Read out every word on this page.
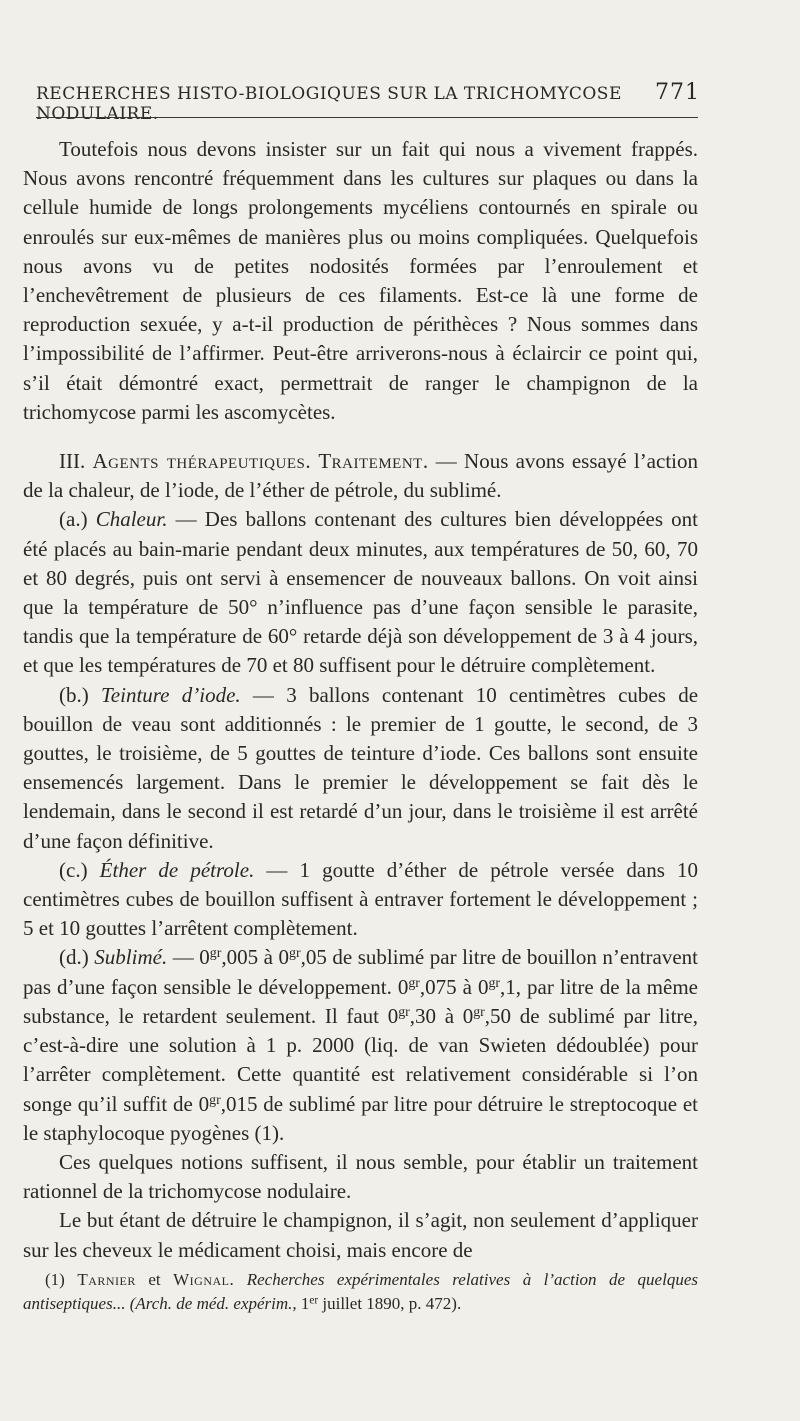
RECHERCHES HISTO-BIOLOGIQUES SUR LA TRICHOMYCOSE NODULAIRE.
771

Toutefois nous devons insister sur un fait qui nous a vivement frappés. Nous avons rencontré fréquemment dans les cultures sur plaques ou dans la cellule humide de longs prolongements mycéliens contournés en spirale ou enroulés sur eux-mêmes de manières plus ou moins compliquées. Quelquefois nous avons vu de petites nodosités formées par l’enroulement et l’enchevêtrement de plusieurs de ces filaments. Est-ce là une forme de reproduction sexuée, y a-t-il production de périthèces ? Nous sommes dans l’impossibilité de l’affirmer. Peut-être arriverons-nous à éclaircir ce point qui, s’il était démontré exact, permettrait de ranger le champignon de la trichomycose parmi les ascomycètes.

III. Agents thérapeutiques. Traitement. — Nous avons essayé l’action de la chaleur, de l’iode, de l’éther de pétrole, du sublimé.

(a.) Chaleur. — Des ballons contenant des cultures bien développées ont été placés au bain-marie pendant deux minutes, aux températures de 50, 60, 70 et 80 degrés, puis ont servi à ensemencer de nouveaux ballons. On voit ainsi que la température de 50° n’influence pas d’une façon sensible le parasite, tandis que la température de 60° retarde déjà son développement de 3 à 4 jours, et que les températures de 70 et 80 suffisent pour le détruire complètement.

(b.) Teinture d’iode. — 3 ballons contenant 10 centimètres cubes de bouillon de veau sont additionnés : le premier de 1 goutte, le second, de 3 gouttes, le troisième, de 5 gouttes de teinture d’iode. Ces ballons sont ensuite ensemencés largement. Dans le premier le développement se fait dès le lendemain, dans le second il est retardé d’un jour, dans le troisième il est arrêté d’une façon définitive.

(c.) Éther de pétrole. — 1 goutte d’éther de pétrole versée dans 10 centimètres cubes de bouillon suffisent à entraver fortement le développement ; 5 et 10 gouttes l’arrêtent complètement.

(d.) Sublimé. — $0^{gr},005$ à $0^{gr},05$ de sublimé par litre de bouillon n’entravent pas d’une façon sensible le développement. $0^{gr},075$ à $0^{gr},1$, par litre de la même substance, le retardent seulement. Il faut $0^{gr},30$ à $0^{gr},50$ de sublimé par litre, c’est-à-dire une solution à 1 p. 2000 (liq. de van Swieten dédoublée) pour l’arrêter complètement. Cette quantité est relativement considérable si l’on songe qu’il suffit de $0^{gr},015$ de sublimé par litre pour détruire le streptocoque et le staphylocoque pyogènes (1).

Ces quelques notions suffisent, il nous semble, pour établir un traitement rationnel de la trichomycose nodulaire.

Le but étant de détruire le champignon, il s’agit, non seulement d’appliquer sur les cheveux le médicament choisi, mais encore de

(1) Tarnier et Wignal. Recherches expérimentales relatives à l’action de quelques antiseptiques... (Arch. de méd. expérim., 1er juillet 1890, p. 472).
